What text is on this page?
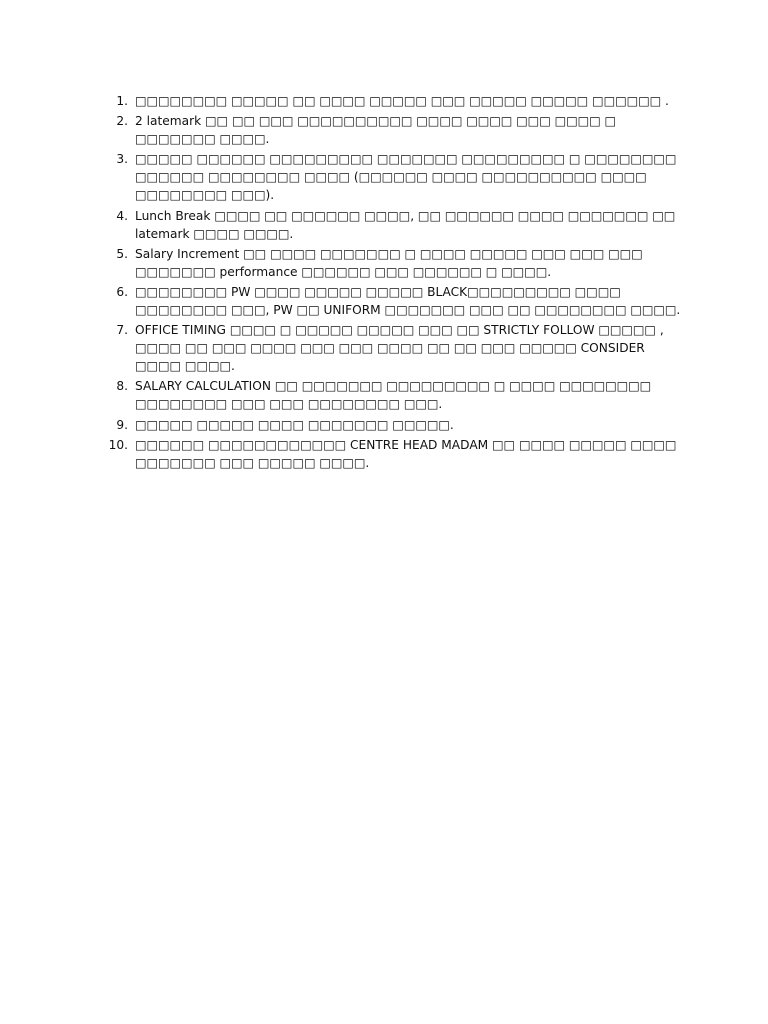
1. □□□□□□□□ □□□□□ □□ □□□□ □□□□□ □□□ □□□□□ □□□□□ □□□□□□ .
2. 2 latemark □□ □□ □□□ □□□□□□□□□□ □□□□ □□□□ □□□ □□□□ □ □□□□□□□ □□□□.
3. □□□□□ □□□□□□ □□□□□□□□□ □□□□□□□ □□□□□□□□□ □ □□□□□□□□ □□□□□□ □□□□□□□□ □□□□ (□□□□□□ □□□□ □□□□□□□□□□ □□□□ □□□□□□□□ □□□).
4. Lunch Break □□□□ □□ □□□□□□ □□□□, □□ □□□□□□ □□□□ □□□□□□□ □□ latemark □□□□ □□□□.
5. Salary Increment □□ □□□□ □□□□□□□ □ □□□□ □□□□□ □□□ □□□ □□□ □□□□□□□ performance □□□□□□ □□□ □□□□□□ □ □□□□.
6. □□□□□□□□ PW □□□□ □□□□□ □□□□□ BLACK□□□□□□□□□ □□□□ □□□□□□□□ □□□, PW □□ UNIFORM □□□□□□□ □□□ □□ □□□□□□□□ □□□□.
7. OFFICE TIMING □□□□ □ □□□□□ □□□□□ □□□ □□ STRICTLY FOLLOW □□□□□ , □□□□ □□ □□□ □□□□ □□□ □□□ □□□□ □□ □□ □□□ □□□□□ CONSIDER □□□□ □□□□.
8. SALARY CALCULATION □□ □□□□□□□ □□□□□□□□□ □ □□□□ □□□□□□□□ □□□□□□□□ □□□ □□□ □□□□□□□□ □□□.
9. □□□□□ □□□□□ □□□□ □□□□□□□ □□□□□.
10. □□□□□□ □□□□□□□□□□□□ CENTRE HEAD MADAM □□ □□□□ □□□□□ □□□□ □□□□□□□ □□□ □□□□□ □□□□.
